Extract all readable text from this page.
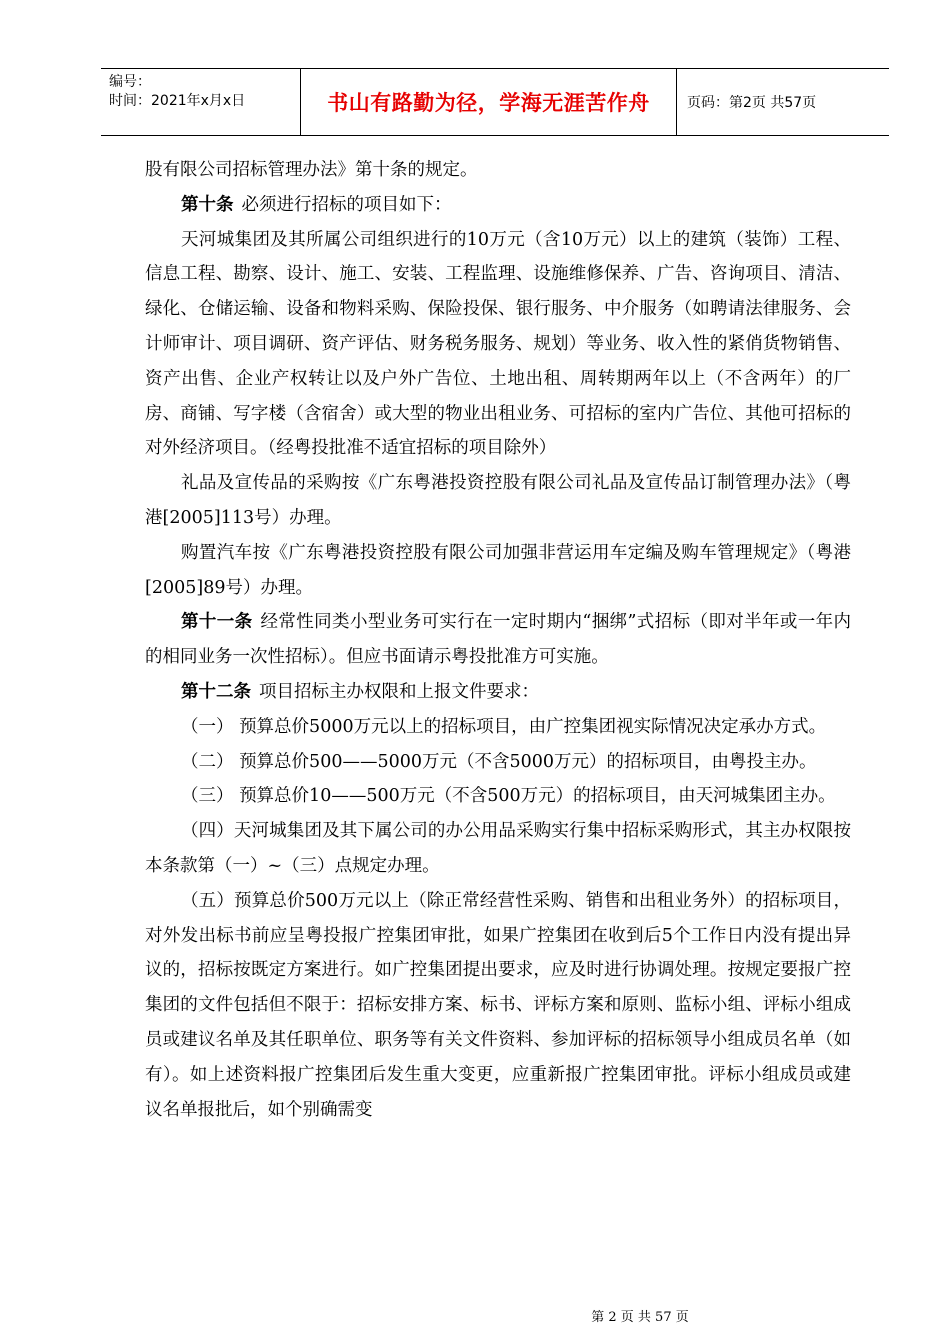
编号：
时间：2021年x月x日	书山有路勤为径，学海无涯苦作舟	页码：第2页 共57页

股有限公司招标管理办法》第十条的规定。

第十条 必须进行招标的项目如下：

天河城集团及其所属公司组织进行的10万元（含10万元）以上的建筑（装饰）工程、信息工程、勘察、设计、施工、安装、工程监理、设施维修保养、广告、咨询项目、清洁、绿化、仓储运输、设备和物料采购、保险投保、银行服务、中介服务（如聘请法律服务、会计师审计、项目调研、资产评估、财务税务服务、规划）等业务、收入性的紧俏货物销售、资产出售、企业产权转让以及户外广告位、土地出租、周转期两年以上（不含两年）的厂房、商铺、写字楼（含宿舍）或大型的物业出租业务、可招标的室内广告位、其他可招标的对外经济项目。（经粤投批准不适宜招标的项目除外）

礼品及宣传品的采购按《广东粤港投资控股有限公司礼品及宣传品订制管理办法》（粤港[2005]113号）办理。

购置汽车按《广东粤港投资控股有限公司加强非营运用车定编及购车管理规定》（粤港[2005]89号）办理。

第十一条 经常性同类小型业务可实行在一定时期内“捆绑”式招标（即对半年或一年内的相同业务一次性招标）。但应书面请示粤投批准方可实施。

第十二条 项目招标主办权限和上报文件要求：

（一） 预算总价5000万元以上的招标项目，由广控集团视实际情况决定承办方式。

（二） 预算总价500——5000万元（不含5000万元）的招标项目，由粤投主办。

（三） 预算总价10——500万元（不含500万元）的招标项目，由天河城集团主办。

（四）天河城集团及其下属公司的办公用品采购实行集中招标采购形式，其主办权限按本条款第（一）~（三）点规定办理。

（五）预算总价500万元以上（除正常经营性采购、销售和出租业务外）的招标项目，对外发出标书前应呈粤投报广控集团审批，如果广控集团在收到后5个工作日内没有提出异议的，招标按既定方案进行。如广控集团提出要求，应及时进行协调处理。按规定要报广控集团的文件包括但不限于：招标安排方案、标书、评标方案和原则、监标小组、评标小组成员或建议名单及其任职单位、职务等有关文件资料、参加评标的招标领导小组成员名单（如有）。如上述资料报广控集团后发生重大变更，应重新报广控集团审批。评标小组成员或建议名单报批后，如个别确需变

第 2 页 共 57 页
